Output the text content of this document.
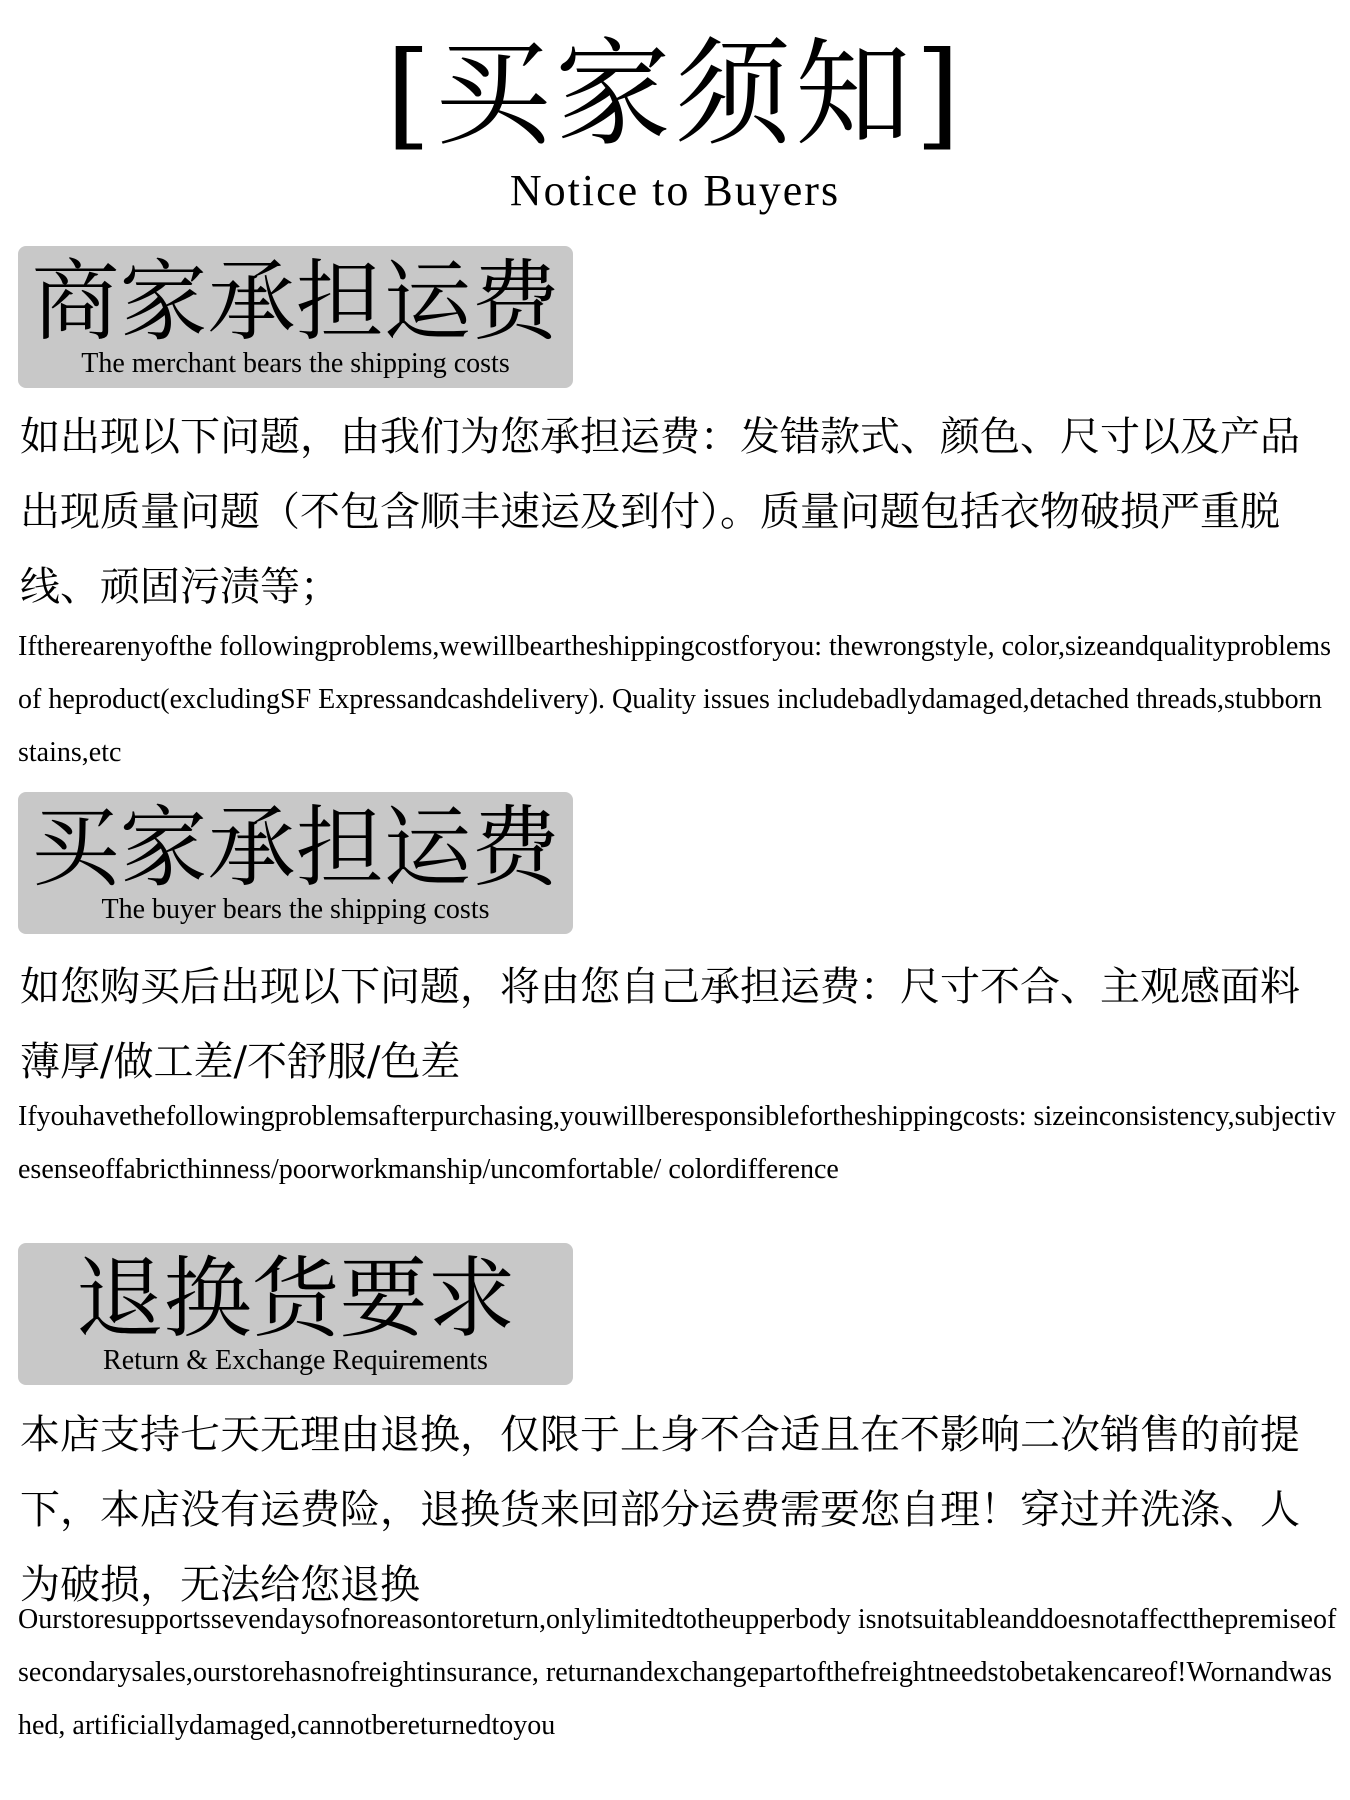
[买家须知]
Notice to Buyers
商家承担运费
The merchant bears the shipping costs
如出现以下问题，由我们为您承担运费：发错款式、颜色、尺寸以及产品出现质量问题（不包含顺丰速运及到付）。质量问题包括衣物破损严重脱线、顽固污渍等；
Iftherearenyofthe followingproblems,wewillbeartheshippingcostforyou: thewrongstyle, color,sizeandqualityproblemsof heproduct(excludingSF Expressandcashdelivery). Quality issues includebadlydamaged,detached threads,stubborn stains,etc
买家承担运费
The buyer bears the shipping costs
如您购买后出现以下问题，将由您自己承担运费：尺寸不合、主观感面料薄厚/做工差/不舒服/色差
Ifyouhavethefollowingproblemsafterpurchasing,youwillberesponsiblefortheshippingcosts: sizeinconsistency,subjectivesenseoffabricthinness/poorworkmanship/uncomfortable/ colordifference
退换货要求
Return & Exchange Requirements
本店支持七天无理由退换，仅限于上身不合适且在不影响二次销售的前提下，本店没有运费险，退换货来回部分运费需要您自理！穿过并洗涤、人为破损，无法给您退换
Ourstoresupportssevendaysofnoreasontoreturn,onlylimitedtotheupperbody isnotsuitableanddoesnotaffectthepremiseofsecondarysales,ourstorehasnofreightinsurance, returnandexchangepartofthefreightneedstobetakencareof!Wornandwashed, artificiallydamaged,cannotbereturnedtoyou
